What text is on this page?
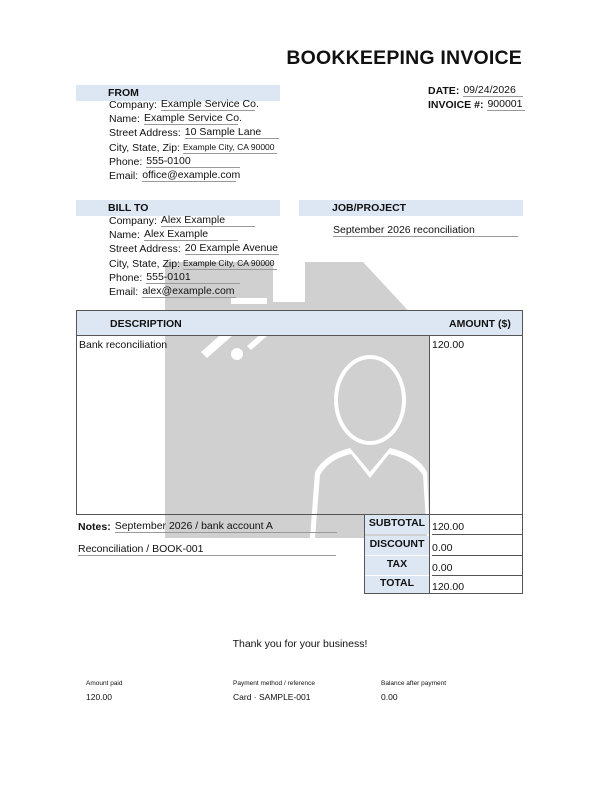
BOOKKEEPING INVOICE
FROM
Company: Example Service Co.
Name: Example Service Co.
Street Address: 10 Sample Lane
City, State, Zip: Example City, CA 90000
Phone: 555-0100
Email: office@example.com
DATE : 09/24/2026
INVOICE # : 900001
BILL TO
Company: Alex Example
Name: Alex Example
Street Address: 20 Example Avenue
City, State, Zip: Example City, CA 90000
Phone: 555-0101
Email: alex@example.com
JOB/PROJECT
September 2026 reconciliation
DESCRIPTION	AMOUNT ($)
Bank reconciliation	120.00
Notes : September 2026 / bank account A
Reconciliation / BOOK-001
SUBTOTAL 120.00
DISCOUNT 0.00
TAX	0.00
TOTAL	120.00
Thank you for your business!
Amount paid
120.00
Payment method / reference
Card · SAMPLE-001
Balance after payment
0.00
